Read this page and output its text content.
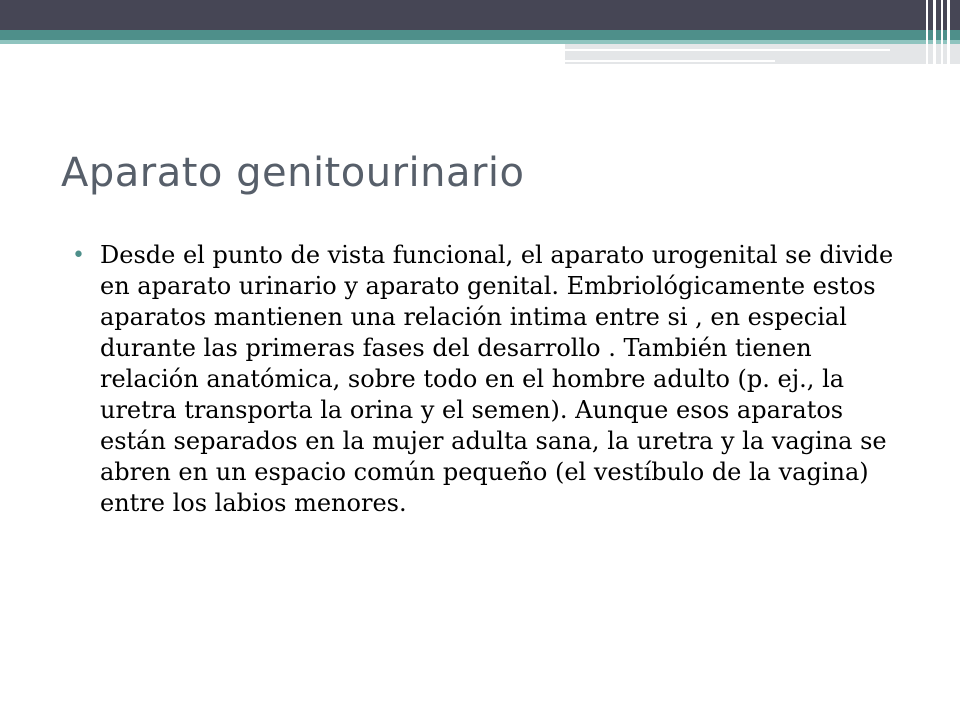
Aparato genitourinario
• Desde el punto de vista funcional, el aparato urogenital se divide en aparato urinario y aparato genital. Embriológicamente estos aparatos mantienen una relación intima entre si , en especial durante las primeras fases del desarrollo . También tienen relación anatómica, sobre todo en el hombre adulto (p. ej., la uretra transporta la orina y el semen). Aunque esos aparatos están separados en la mujer adulta sana, la uretra y la vagina se abren en un espacio común pequeño (el vestíbulo de la vagina) entre los labios menores.
